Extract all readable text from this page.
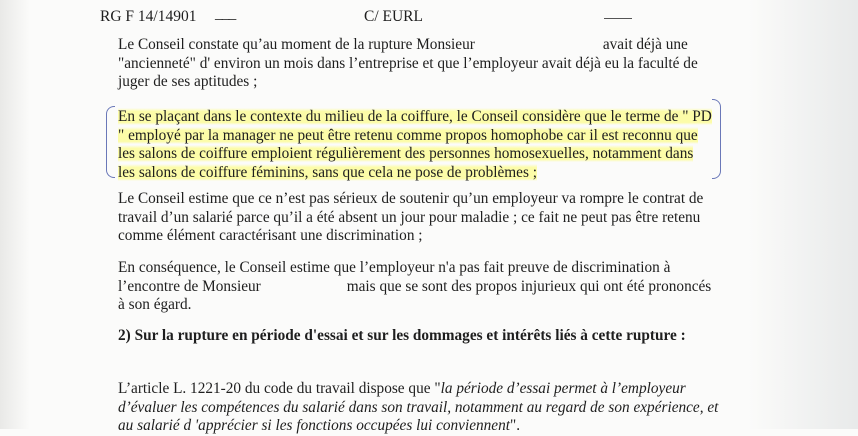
RG F 14/14901 ___	C/ EURL

Le Conseil constate qu’au moment de la rupture Monsieur	avait déjà une "ancienneté" d' environ un mois dans l’entreprise et que l’employeur avait déjà eu la faculté de juger de ses aptitudes ;

En se plaçant dans le contexte du milieu de la coiffure, le Conseil considère que le terme de " PD " employé par la manager ne peut être retenu comme propos homophobe car il est reconnu que les salons de coiffure emploient régulièrement des personnes homosexuelles, notamment dans les salons de coiffure féminins, sans que cela ne pose de problèmes ;

Le Conseil estime que ce n’est pas sérieux de soutenir qu’un employeur va rompre le contrat de travail d’un salarié parce qu’il a été absent un jour pour maladie ; ce fait ne peut pas être retenu comme élément caractérisant une discrimination ;

En conséquence, le Conseil estime que l’employeur n'a pas fait preuve de discrimination à l’encontre de Monsieur	mais que se sont des propos injurieux qui ont été prononcés à son égard.

2) Sur la rupture en période d'essai et sur les dommages et intérêts liés à cette rupture :

L’article L. 1221-20 du code du travail dispose que "la période d’essai permet à l’employeur d’évaluer les compétences du salarié dans son travail, notamment au regard de son expérience, et au salarié d 'apprécier si les fonctions occupées lui conviennent".
